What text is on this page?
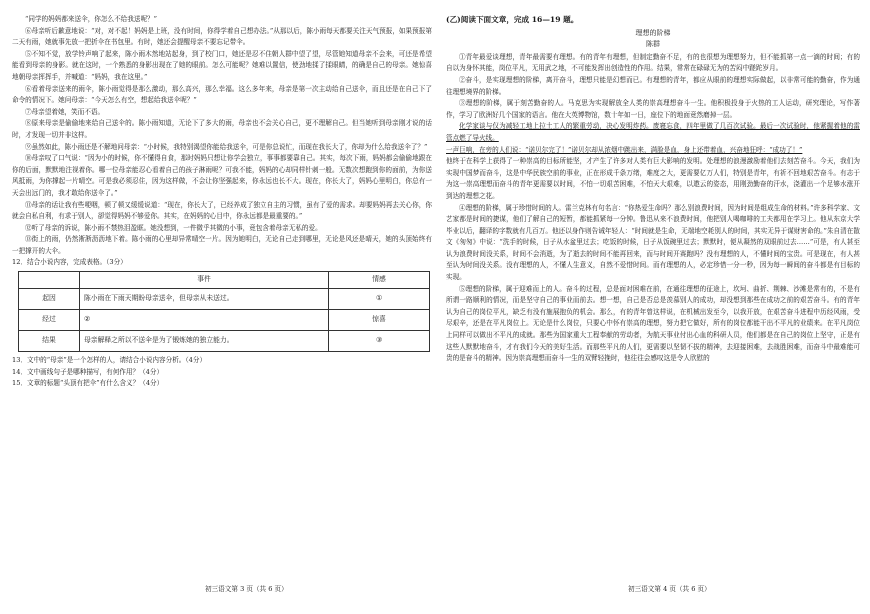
“同学的妈妈都来送伞，你怎么不给我送呢？”

⑥母亲听后歉意地说：“对，对不起！妈妈是上班，没有时间，你得学着自己想办法。”从那以后，陈小雨每天都要关注天气预报，如果预报第二天有雨，她就事先放一把折伞在书包里。有时，她还会提醒母亲不要忘记带伞。

⑤不知不觉，放学铃声响了起来，陈小雨木然地站起身，到了校门口，她还是忍不住朝人群中望了望，尽管她知道母亲不会来，可还是希望能看到母亲的身影。就在这时，一个熟悉的身影出现在了她的眼前。怎么可能呢？她难以置信，使劲地揉了揉眼睛，的确是自己的母亲。她惊喜地朝母亲挥挥手，并喊道：“妈妈，我在这里。”

⑥看着母亲送来的雨伞，陈小雨觉得是那么激动，那么高兴，那么幸福。这么多年来，母亲是第一次主动给自己送伞，而且还是在自己下了命令的情况下。她问母亲：“今天怎么有空，想起给我送伞呢？”

⑦母亲望着她，笑而不语。

⑧原来母亲是偷偷地来给自己送伞的。陈小雨知道，无论下了多大的雨，母亲也不会关心自己，更不理解自己。但当她听到母亲刚才说的话时，才发现一切并非这样。

⑨虽然如此，陈小雨还是不解地问母亲：“小时候，我特别渴望你能给我送伞，可是你总说忙，而现在我长大了，你却为什么给我送伞了？”

⑩母亲叹了口气说：“因为小的时候，你不懂得自食，那时妈妈只想让你学会独立，事事都要靠自己。其实，每次下雨，妈妈都会偷偷地跟在你的后面，默默地注视着你。哪一位母亲能忍心看着自己的孩子淋雨呢？可我不能，妈妈的心却同样针刺一般。无数次想跑到你的面前，为你送风抵雨，为你撑起一片晴空。可是我必须忍住，因为这样做，不会让你坚强起来，你永远也长不大。现在，你长大了，妈妈心里明白，你总有一天会出远门的，我才敢给你送伞了。”

⑪母亲的话让我有些哽咽，顿了顿又缓缓说道：“现在，你长大了，已经养成了独立自主的习惯，虽有了爱的需求。却要妈妈再去关心你，你就会自私自利，有求于别人，卻觉得妈妈不够爱你。其实，在妈妈的心目中，你永远都是最重要的。”

⑫听了母亲的诉说，陈小雨不禁热泪盈眶。她没想到，一件微乎其微的小事，竟包含着母亲无私的爱。

⑬街上的雨，仍然淅淅沥沥地下着。陈小雨的心里却异常晴空一片。因为她明白，无论自己走到哪里，无论是风还是晴天，她的头顶始终有一把撑开的大伞。

12．结合小说内容，完成表格。（3分）

	事件	情感
起因	陈小雨在下雨天期盼母亲送伞，但母亲从未送过。	①
经过	②	惊喜
结果	母亲解释之所以不送伞是为了锻炼她的独立能力。	③

13．文中的“母亲”是一个怎样的人，请结合小说内容分析。（4分）

14．文中画线句子是哪种描写，有何作用？（4分）

15．文章的标题“头顶有把伞”有什么含义？（4分）

(乙)阅读下面文章，完成 16—19 题。

理想的阶梯

陈群

①青年最爱谈理想，青年最需要有理想。有的青年有理想，但制定勤奋不足，有的也很想为理想努力，但不能抓第一点一滴的时间；有的自以为身怀其能，岗位平凡，无用武之地，不可能发挥出创造性的作用。结果，常常在碌碌无为的苦闷中蹉跎岁月。

②奋斗，是实现理想的阶梯，离开奋斗，理想只能是幻想而已。有理想的青年，都应从眼前的理想实际做起，以非常可能的勤奋，作为通往理想境界的阶梯。

③理想的阶梯，属于刻苦勤奋的人。马克思为实现解放全人类的崇高理想奋斗一生。他积极投身于火热的工人运动，研究理论，写作著作，学习了欧洲好几个国家的语言。他在大英博物馆，数十年如一日，座位下的地面竟然磨掉一层。

化学家谈与仅为减轻工地上拉土工人的繁重劳动，决心发明炸药。废寝忘食，四年里做了几百次试验。最后一次试验时，他紧握着他的雷管点燃了导火线。

一声巨响，在旁的人们说：“诺贝尔完了！”诺贝尔却从浓烟中跳出来，满脸是血，身上还带着血，兴奋地狂呼：“成功了！”

他终于在科学上获得了一种崇高的目标所能坚，才产生了许多对人类有巨大影响的发明。处理想的浪漫激励着他们去刻苦奋斗。今天，我们为实现中国梦而奋斗，这是中华民族空前的事业，正在形成千条万绪，难度之大，更需要亿万人们，特别是青年，有祈不回地艰苦奋斗。有志于为这一崇高理想而奋斗的青年更需要以时间，不怕一切艰苦困难，不怕天大艰难，以遨云的姿态，用刚劲勤奋的汗水，浇灌出一个足够水涨开到达的理想之花。

④理想的阶梯，属于珍惜时间的人。雷兰克林有句名言：“你热爱生命吗？那么别浪费时间，因为时间是组成生命的材料。”许多科学家、文艺家都是时间的捷谋，他们了解自己的短暂，都能抓紧每一分钟。鲁迅从来不浪费时间，他把别人喝咖啡的工夫都用在学习上。他从东京大学毕业以后，翻译的字数就有几百万。他还以身作则告诫年轻人：“时间就是生命，无端地空耗别人的时间，其实无异于谋财害命的。”朱自清在散文《匆匆》中说：“洗手的时候，日子从水盆里过去；吃饭的时候，日子从饭碗里过去；默默时，便从凝然的双眼前过去……”可是，有人甚至认为浪费时间没关系，时间不会消逝，为了逝去的时间不能再回来，而与时间开赛跑吗？没有理想的人，不懂时间的宝贵。可是现在，有人甚至认为时间没关系。没有理想的人，不懂人生意义，自然不爱惜时间。而有理想的人，必定珍惜一分一秒，因为每一瞬间的奋斗都是有目标的实现。

⑤理想的阶梯，属于迎难而上的人。奋斗的过程，总是面对困难在前，在通往理想的征途上，坎坷、曲折、荆棘、沙滩是常有的，不是有所谓一路顺利的情况，而是坚守自己的事业而前去。想一想，自己是否总是羡慕别人的成功，却没想到那些在成功之前的艰苦奋斗。有的青年认为自己的岗位平凡，缺乏有没有施展抱负的机会。那么，有的青年曾这样说，在机械出发至今，以我开放，在艰苦奋斗进程中历经风雨，受尽艰辛，还是在平凡岗位上。无论是什么岗位，只要心中怀有崇高的理想，努力把它做好，所有的岗位都能干出不平凡的业绩来。在平凡岗位上同样可以做出不平凡的成就。那些为国家重大工程奉献的劳动者，为航天事业付出心血的科研人员，他们都是在自己的岗位上坚守，正是有这些人默默地奋斗，才有我们今天的美好生活。而那些平凡的人们，更需要以坚韧不拔的精神，去迎接困难，去战胜困难，而奋斗中最难能可贵的是奋斗的精神。因为崇高理想而奋斗一生的双臂轻挽时，他往往会感叹这是令人欣慰的

初三语文第 3 页（共 6 页）	初三语文第 4 页（共 6 页）
